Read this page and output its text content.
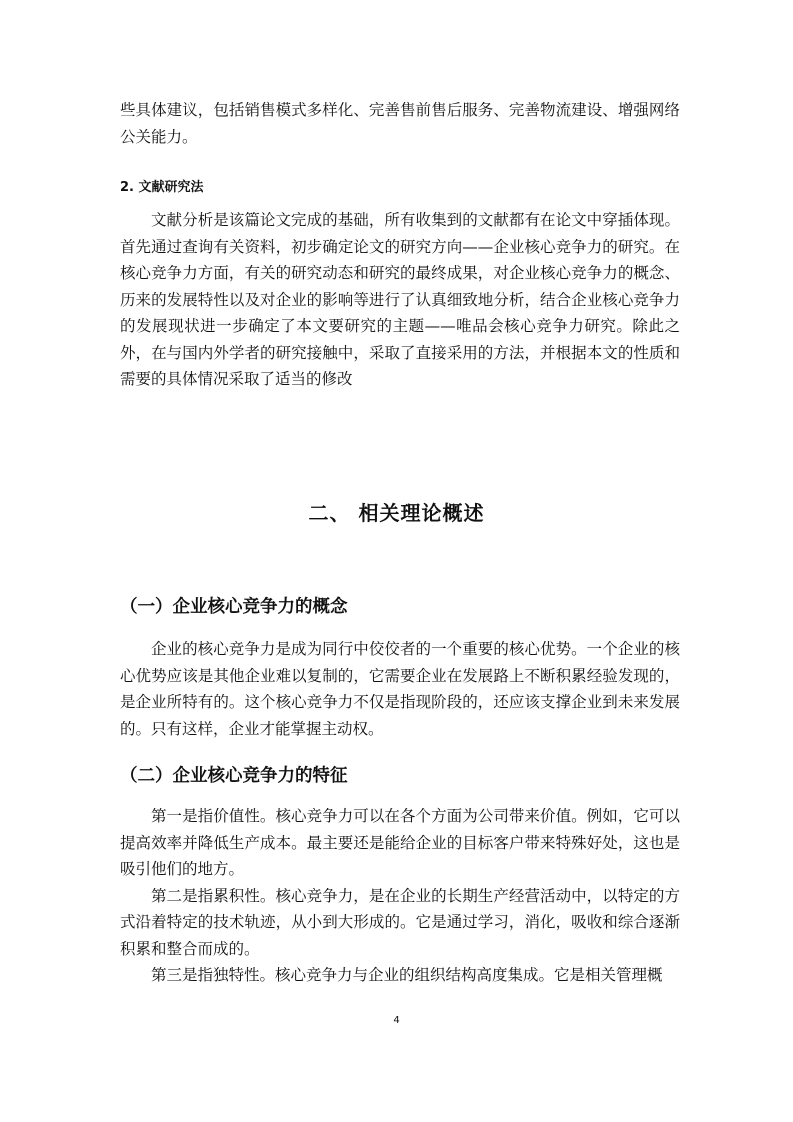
些具体建议，包括销售模式多样化、完善售前售后服务、完善物流建设、增强网络公关能力。

2. 文献研究法

文献分析是该篇论文完成的基础，所有收集到的文献都有在论文中穿插体现。首先通过查询有关资料，初步确定论文的研究方向——企业核心竞争力的研究。在核心竞争力方面，有关的研究动态和研究的最终成果，对企业核心竞争力的概念、历来的发展特性以及对企业的影响等进行了认真细致地分析，结合企业核心竞争力的发展现状进一步确定了本文要研究的主题——唯品会核心竞争力研究。除此之外，在与国内外学者的研究接触中，采取了直接采用的方法，并根据本文的性质和需要的具体情况采取了适当的修改

二、 相关理论概述
（一）企业核心竞争力的概念

企业的核心竞争力是成为同行中佼佼者的一个重要的核心优势。一个企业的核心优势应该是其他企业难以复制的，它需要企业在发展路上不断积累经验发现的，是企业所特有的。这个核心竞争力不仅是指现阶段的，还应该支撑企业到未来发展的。只有这样，企业才能掌握主动权。

（二）企业核心竞争力的特征

第一是指价值性。核心竞争力可以在各个方面为公司带来价值。例如，它可以提高效率并降低生产成本。最主要还是能给企业的目标客户带来特殊好处，这也是吸引他们的地方。

第二是指累积性。核心竞争力，是在企业的长期生产经营活动中，以特定的方式沿着特定的技术轨迹，从小到大形成的。它是通过学习，消化，吸收和综合逐渐积累和整合而成的。

第三是指独特性。核心竞争力与企业的组织结构高度集成。它是相关管理概

4
